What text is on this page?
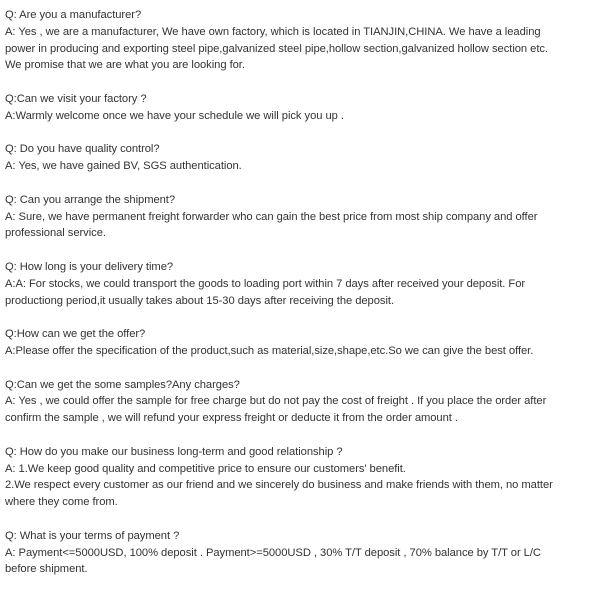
Q: Are you a manufacturer?

A: Yes , we are a manufacturer, We have own factory, which is located in TIANJIN,CHINA. We have a leading

power in producing and exporting steel pipe,galvanized steel pipe,hollow section,galvanized hollow section etc.

We promise that we are what you are looking for.

Q:Can we visit your factory ?

A:Warmly welcome once we have your schedule we will pick you up .

Q: Do you have quality control?

A: Yes, we have gained BV, SGS authentication.

Q: Can you arrange the shipment?

A: Sure, we have permanent freight forwarder who can gain the best price from most ship company and offer

professional service.

Q: How long is your delivery time?

A:A: For stocks, we could transport the goods to loading port within 7 days after received your deposit. For

productiong period,it usually takes about 15-30 days after receiving the deposit.

Q:How can we get the offer?

A:Please offer the specification of the product,such as material,size,shape,etc.So we can give the best offer.

Q:Can we get the some samples?Any charges?

A: Yes , we could offer the sample for free charge but do not pay the cost of freight . If you place the order after

confirm the sample , we will refund your express freight or deducte it from the order amount .

Q: How do you make our business long-term and good relationship ?

A: 1.We keep good quality and competitive price to ensure our customers' benefit.

2.We respect every customer as our friend and we sincerely do business and make friends with them, no matter

where they come from.

Q: What is your terms of payment ?

A: Payment<=5000USD, 100% deposit . Payment>=5000USD , 30% T/T deposit , 70% balance by T/T or L/C

before shipment.
